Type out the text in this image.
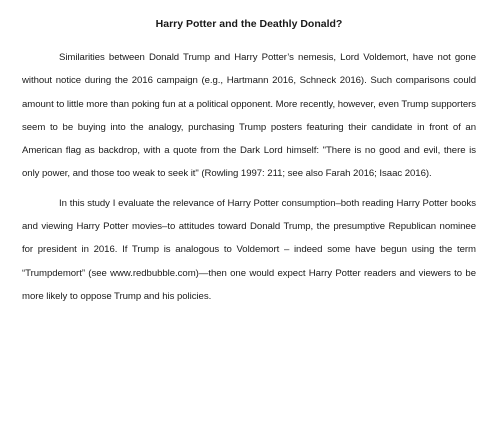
Harry Potter and the Deathly Donald?

Similarities between Donald Trump and Harry Potter’s nemesis, Lord Voldemort, have not gone without notice during the 2016 campaign (e.g., Hartmann 2016, Schneck 2016). Such comparisons could amount to little more than poking fun at a political opponent. More recently, however, even Trump supporters seem to be buying into the analogy, purchasing Trump posters featuring their candidate in front of an American flag as backdrop, with a quote from the Dark Lord himself: "There is no good and evil, there is only power, and those too weak to seek it" (Rowling 1997: 211; see also Farah 2016; Isaac 2016).

In this study I evaluate the relevance of Harry Potter consumption–both reading Harry Potter books and viewing Harry Potter movies–to attitudes toward Donald Trump, the presumptive Republican nominee for president in 2016. If Trump is analogous to Voldemort – indeed some have begun using the term “Trumpdemort” (see www.redbubble.com)—then one would expect Harry Potter readers and viewers to be more likely to oppose Trump and his policies.
